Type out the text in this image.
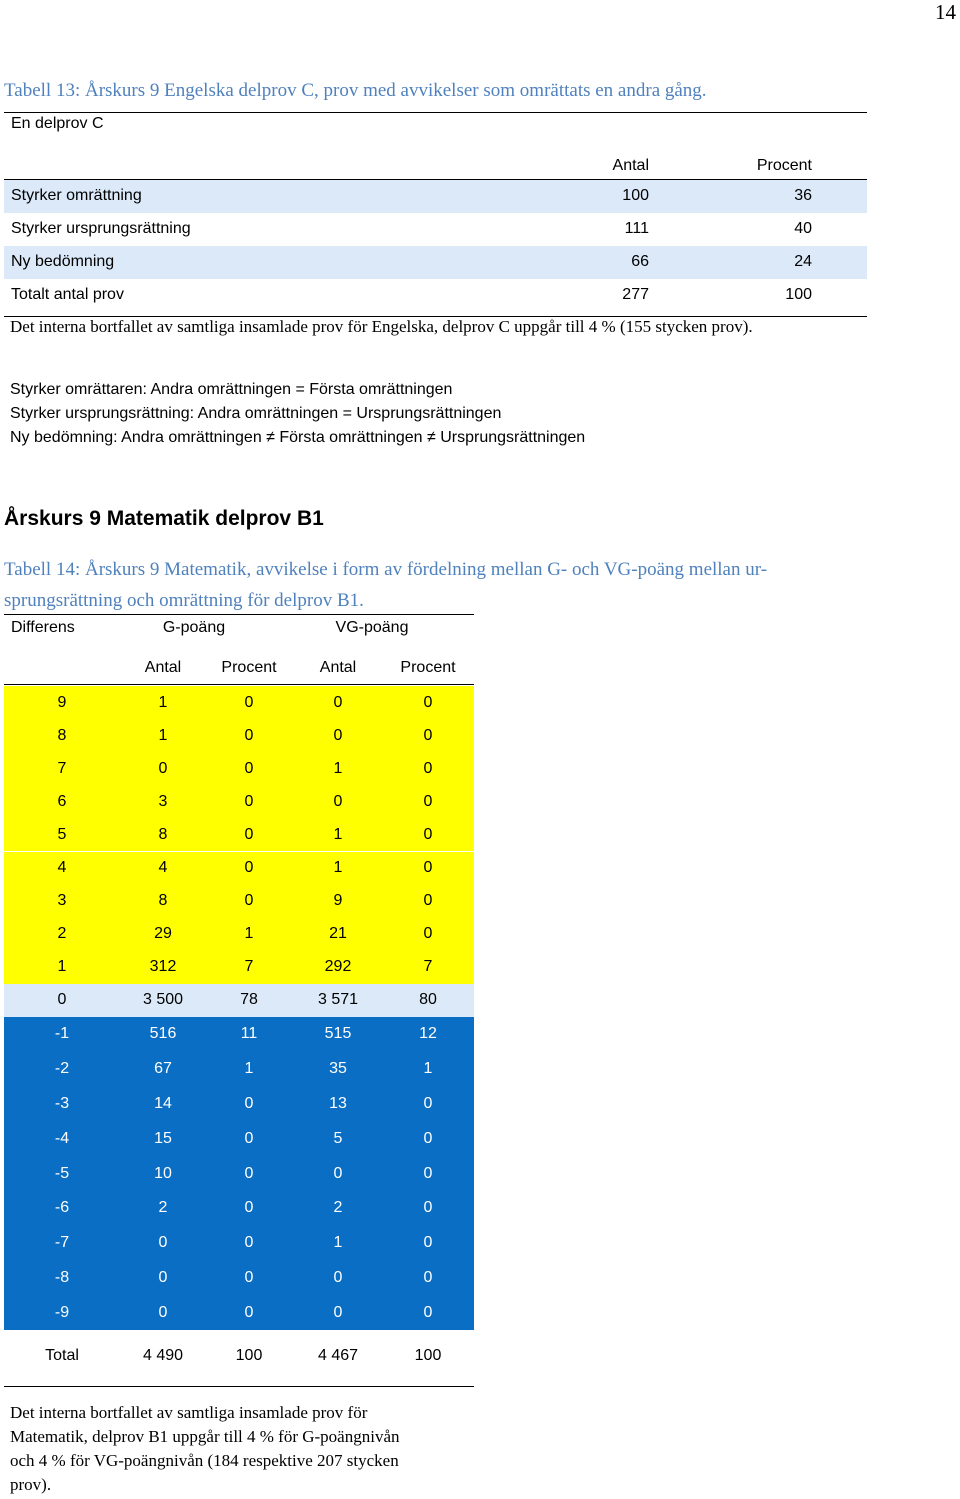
14
Tabell 13: Årskurs 9 Engelska delprov C, prov med avvikelser som omrättats en andra gång.
En delprov C
Antal	Procent
Styrker omrättning	100	36
Styrker ursprungsrättning	111	40
Ny bedömning	66	24
Totalt antal prov	277	100
Det interna bortfallet av samtliga insamlade prov för Engelska, delprov C uppgår till 4 % (155 stycken prov).
Styrker omrättaren: Andra omrättningen = Första omrättningen
Styrker ursprungsrättning: Andra omrättningen = Ursprungsrättningen
Ny bedömning: Andra omrättningen ≠ Första omrättningen ≠ Ursprungsrättningen
Årskurs 9 Matematik delprov B1
Tabell 14: Årskurs 9 Matematik, avvikelse i form av fördelning mellan G- och VG-poäng mellan ur-
sprungsrättning och omrättning för delprov B1.
Differens	G-poäng	VG-poäng
Antal	Procent	Antal	Procent
9	1	0	0	0
8	1	0	0	0
7	0	0	1	0
6	3	0	0	0
5	8	0	1	0
4	4	0	1	0
3	8	0	9	0
2	29	1	21	0
1	312	7	292	7
0	3 500	78	3 571	80
-1	516	11	515	12
-2	67	1	35	1
-3	14	0	13	0
-4	15	0	5	0
-5	10	0	0	0
-6	2	0	2	0
-7	0	0	1	0
-8	0	0	0	0
-9	0	0	0	0
Total	4 490	100	4 467	100
Det interna bortfallet av samtliga insamlade prov för
Matematik, delprov B1 uppgår till 4 % för G-poängnivån
och 4 % för VG-poängnivån (184 respektive 207 stycken
prov).
